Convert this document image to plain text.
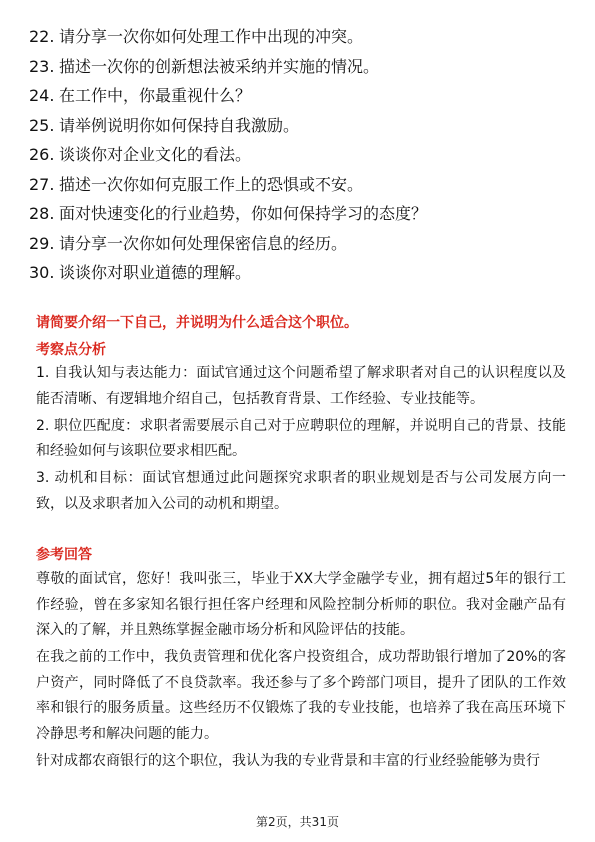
22. 请分享一次你如何处理工作中出现的冲突。
23. 描述一次你的创新想法被采纳并实施的情况。
24. 在工作中，你最重视什么？
25. 请举例说明你如何保持自我激励。
26. 谈谈你对企业文化的看法。
27. 描述一次你如何克服工作上的恐惧或不安。
28. 面对快速变化的行业趋势，你如何保持学习的态度？
29. 请分享一次你如何处理保密信息的经历。
30. 谈谈你对职业道德的理解。
请简要介绍一下自己，并说明为什么适合这个职位。
考察点分析

1. 自我认知与表达能力：面试官通过这个问题希望了解求职者对自己的认识程度以及能否清晰、有逻辑地介绍自己，包括教育背景、工作经验、专业技能等。

2. 职位匹配度：求职者需要展示自己对于应聘职位的理解，并说明自己的背景、技能和经验如何与该职位要求相匹配。

3. 动机和目标：面试官想通过此问题探究求职者的职业规划是否与公司发展方向一致，以及求职者加入公司的动机和期望。

参考回答

尊敬的面试官，您好！我叫张三，毕业于XX大学金融学专业，拥有超过5年的银行工作经验，曾在多家知名银行担任客户经理和风险控制分析师的职位。我对金融产品有深入的了解，并且熟练掌握金融市场分析和风险评估的技能。

在我之前的工作中，我负责管理和优化客户投资组合，成功帮助银行增加了20%的客户资产，同时降低了不良贷款率。我还参与了多个跨部门项目，提升了团队的工作效率和银行的服务质量。这些经历不仅锻炼了我的专业技能，也培养了我在高压环境下冷静思考和解决问题的能力。

针对成都农商银行的这个职位，我认为我的专业背景和丰富的行业经验能够为贵行

第2页，共31页
